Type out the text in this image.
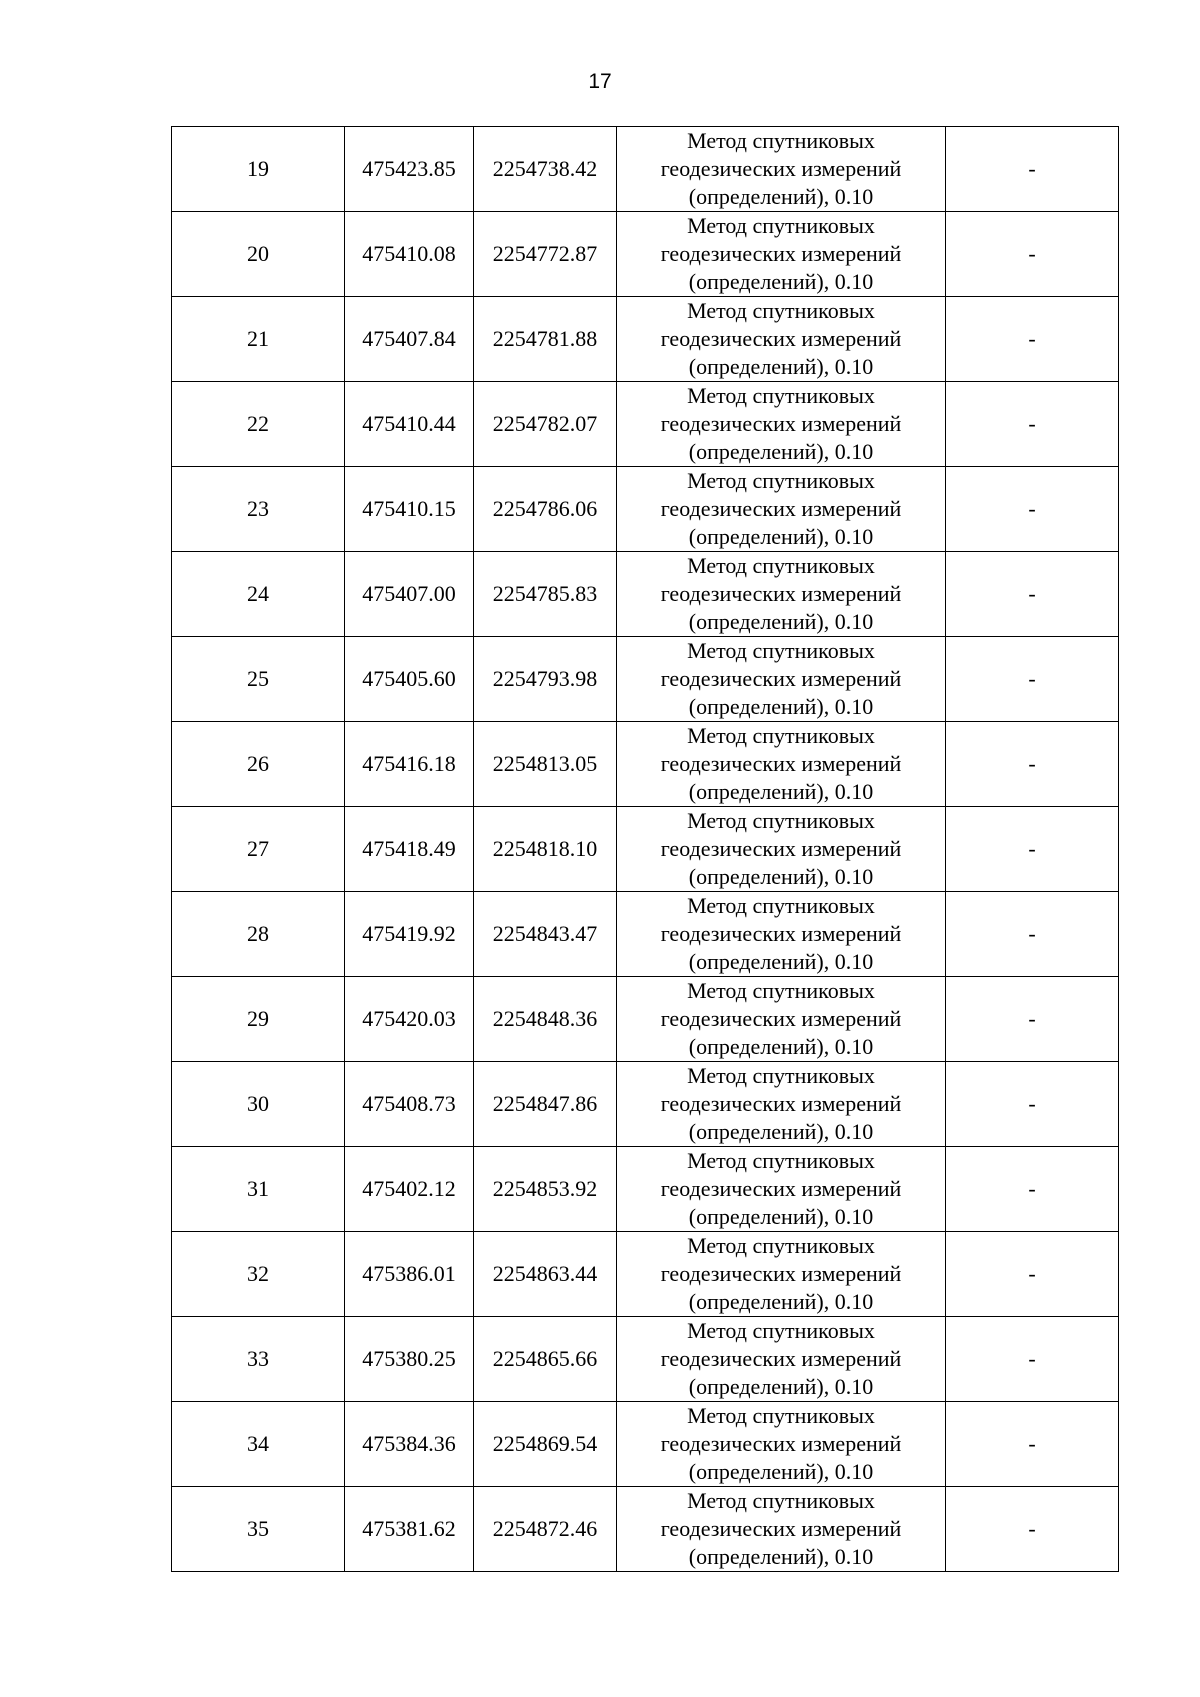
17
19	475423.85	2254738.42	Метод спутниковых
геодезических измерений
(определений), 0.10	-
20	475410.08	2254772.87	Метод спутниковых
геодезических измерений
(определений), 0.10	-
21	475407.84	2254781.88	Метод спутниковых
геодезических измерений
(определений), 0.10	-
22	475410.44	2254782.07	Метод спутниковых
геодезических измерений
(определений), 0.10	-
23	475410.15	2254786.06	Метод спутниковых
геодезических измерений
(определений), 0.10	-
24	475407.00	2254785.83	Метод спутниковых
геодезических измерений
(определений), 0.10	-
25	475405.60	2254793.98	Метод спутниковых
геодезических измерений
(определений), 0.10	-
26	475416.18	2254813.05	Метод спутниковых
геодезических измерений
(определений), 0.10	-
27	475418.49	2254818.10	Метод спутниковых
геодезических измерений
(определений), 0.10	-
28	475419.92	2254843.47	Метод спутниковых
геодезических измерений
(определений), 0.10	-
29	475420.03	2254848.36	Метод спутниковых
геодезических измерений
(определений), 0.10	-
30	475408.73	2254847.86	Метод спутниковых
геодезических измерений
(определений), 0.10	-
31	475402.12	2254853.92	Метод спутниковых
геодезических измерений
(определений), 0.10	-
32	475386.01	2254863.44	Метод спутниковых
геодезических измерений
(определений), 0.10	-
33	475380.25	2254865.66	Метод спутниковых
геодезических измерений
(определений), 0.10	-
34	475384.36	2254869.54	Метод спутниковых
геодезических измерений
(определений), 0.10	-
35	475381.62	2254872.46	Метод спутниковых
геодезических измерений
(определений), 0.10	-
